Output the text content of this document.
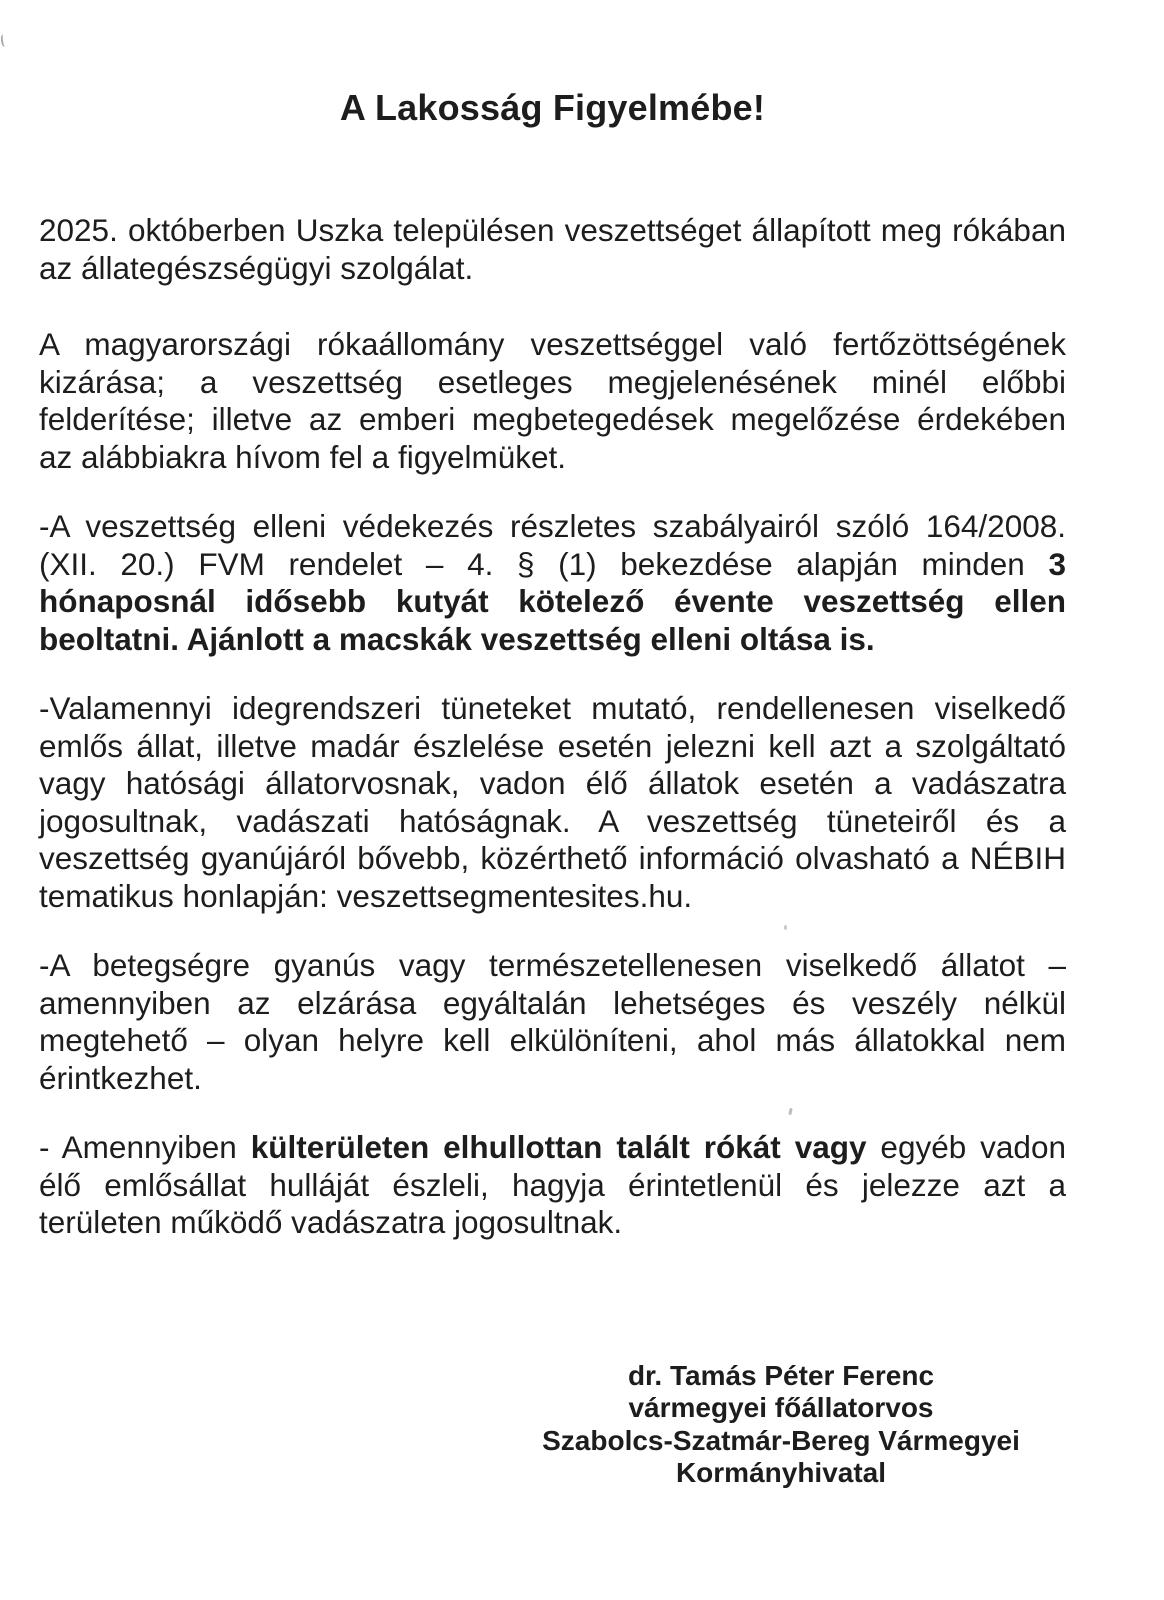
A Lakosság Figyelmébe!
2025. októberben Uszka településen veszettséget állapított meg rókában
az állategészségügyi szolgálat.
A magyarországi rókaállomány veszettséggel való fertőzöttségének
kizárása; a veszettség esetleges megjelenésének minél előbbi
felderítése; illetve az emberi megbetegedések megelőzése érdekében
az alábbiakra hívom fel a figyelmüket.
-A veszettség elleni védekezés részletes szabályairól szóló 164/2008.
(XII. 20.) FVM rendelet – 4. § (1) bekezdése alapján minden 3
hónaposnál idősebb kutyát kötelező évente veszettség ellen
beoltatni. Ajánlott a macskák veszettség elleni oltása is.
-Valamennyi idegrendszeri tüneteket mutató, rendellenesen viselkedő
emlős állat, illetve madár észlelése esetén jelezni kell azt a szolgáltató
vagy hatósági állatorvosnak, vadon élő állatok esetén a vadászatra
jogosultnak, vadászati hatóságnak. A veszettség tüneteiről és a
veszettség gyanújáról bővebb, közérthető információ olvasható a NÉBIH
tematikus honlapján: veszettsegmentesites.hu.
-A betegségre gyanús vagy természetellenesen viselkedő állatot –
amennyiben az elzárása egyáltalán lehetséges és veszély nélkül
megtehető – olyan helyre kell elkülöníteni, ahol más állatokkal nem
érintkezhet.
- Amennyiben külterületen elhullottan talált rókát vagy egyéb vadon
élő emlősállat hulláját észleli, hagyja érintetlenül és jelezze azt a
területen működő vadászatra jogosultnak.
dr. Tamás Péter Ferenc
vármegyei főállatorvos
Szabolcs-Szatmár-Bereg Vármegyei
Kormányhivatal
